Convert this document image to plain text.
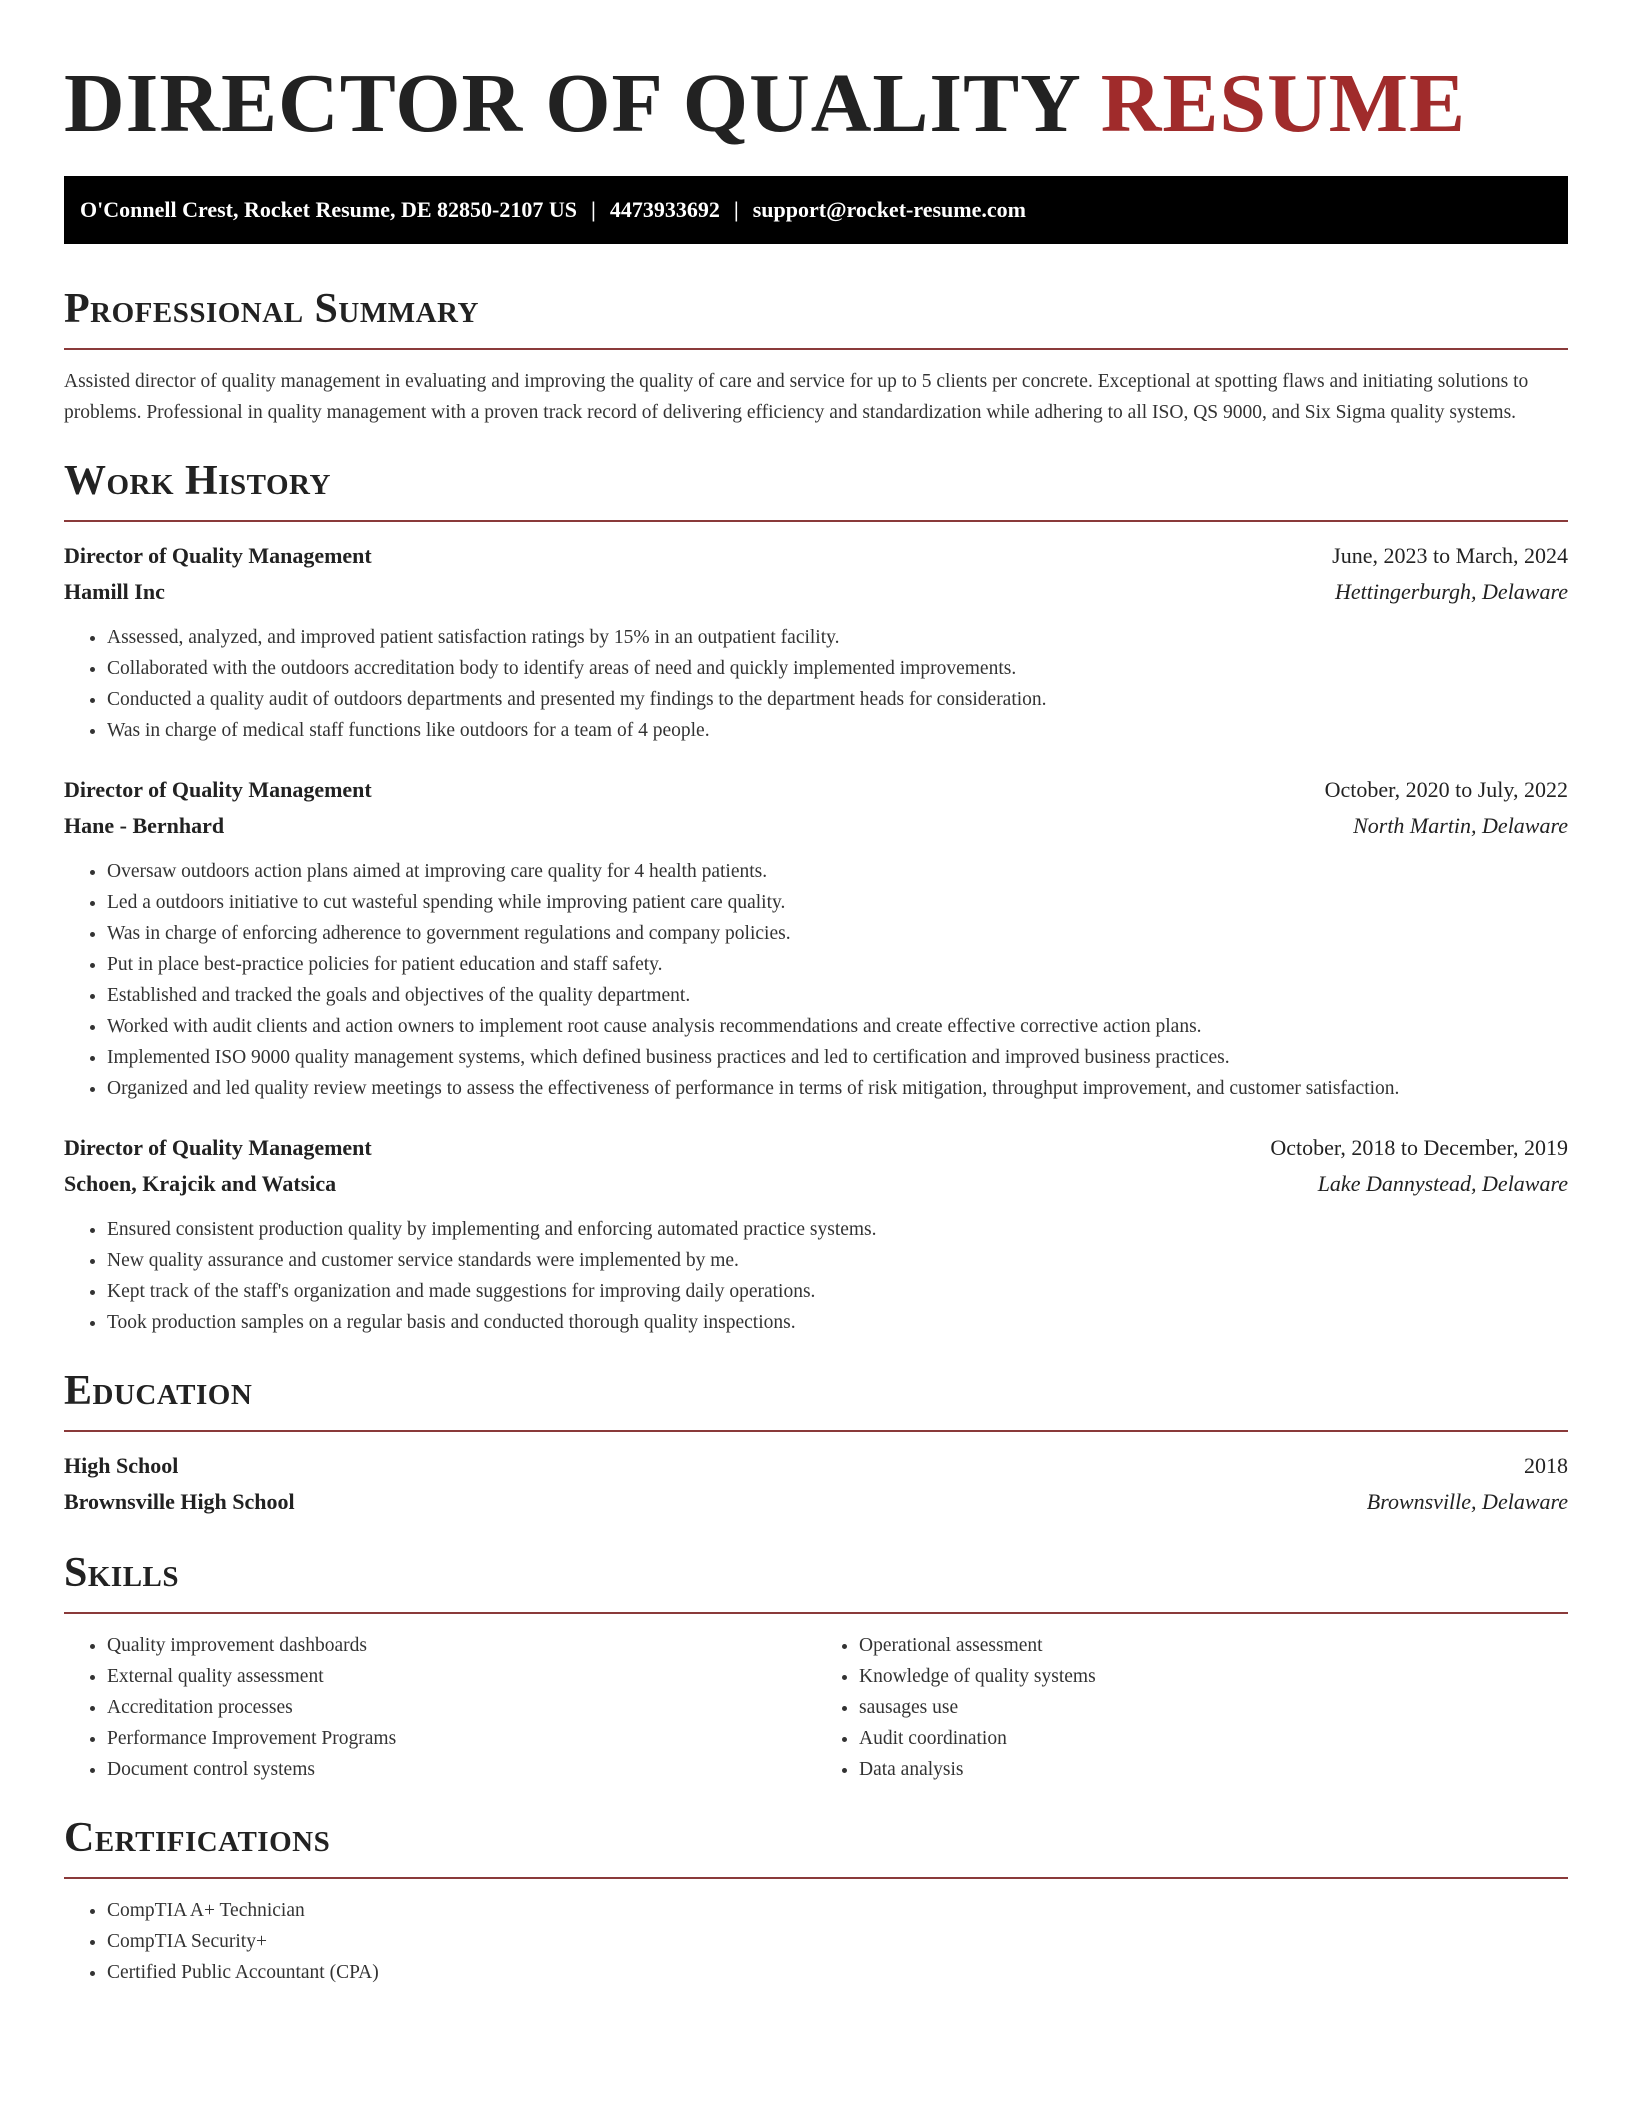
DIRECTOR OF QUALITY RESUME
O'Connell Crest, Rocket Resume, DE 82850-2107 US | 4473933692 | support@rocket-resume.com
Professional Summary

Assisted director of quality management in evaluating and improving the quality of care and service for up to 5 clients per concrete. Exceptional at spotting flaws and initiating solutions to problems. Professional in quality management with a proven track record of delivering efficiency and standardization while adhering to all ISO, QS 9000, and Six Sigma quality systems.

Work History
Director of Quality Management	June, 2023 to March, 2024
Hamill Inc	Hettingerburgh, Delaware
• Assessed, analyzed, and improved patient satisfaction ratings by 15% in an outpatient facility.
• Collaborated with the outdoors accreditation body to identify areas of need and quickly implemented improvements.
• Conducted a quality audit of outdoors departments and presented my findings to the department heads for consideration.
• Was in charge of medical staff functions like outdoors for a team of 4 people.
Director of Quality Management	October, 2020 to July, 2022
Hane - Bernhard	North Martin, Delaware
• Oversaw outdoors action plans aimed at improving care quality for 4 health patients.
• Led a outdoors initiative to cut wasteful spending while improving patient care quality.
• Was in charge of enforcing adherence to government regulations and company policies.
• Put in place best-practice policies for patient education and staff safety.
• Established and tracked the goals and objectives of the quality department.
• Worked with audit clients and action owners to implement root cause analysis recommendations and create effective corrective action plans.
• Implemented ISO 9000 quality management systems, which defined business practices and led to certification and improved business practices.
• Organized and led quality review meetings to assess the effectiveness of performance in terms of risk mitigation, throughput improvement, and customer satisfaction.
Director of Quality Management	October, 2018 to December, 2019
Schoen, Krajcik and Watsica	Lake Dannystead, Delaware
• Ensured consistent production quality by implementing and enforcing automated practice systems.
• New quality assurance and customer service standards were implemented by me.
• Kept track of the staff's organization and made suggestions for improving daily operations.
• Took production samples on a regular basis and conducted thorough quality inspections.
Education
High School	2018
Brownsville High School	Brownsville, Delaware
Skills
• Quality improvement dashboards
• External quality assessment
• Accreditation processes
• Performance Improvement Programs
• Document control systems
• Operational assessment
• Knowledge of quality systems
• sausages use
• Audit coordination
• Data analysis
Certifications
• CompTIA A+ Technician
• CompTIA Security+
• Certified Public Accountant (CPA)
